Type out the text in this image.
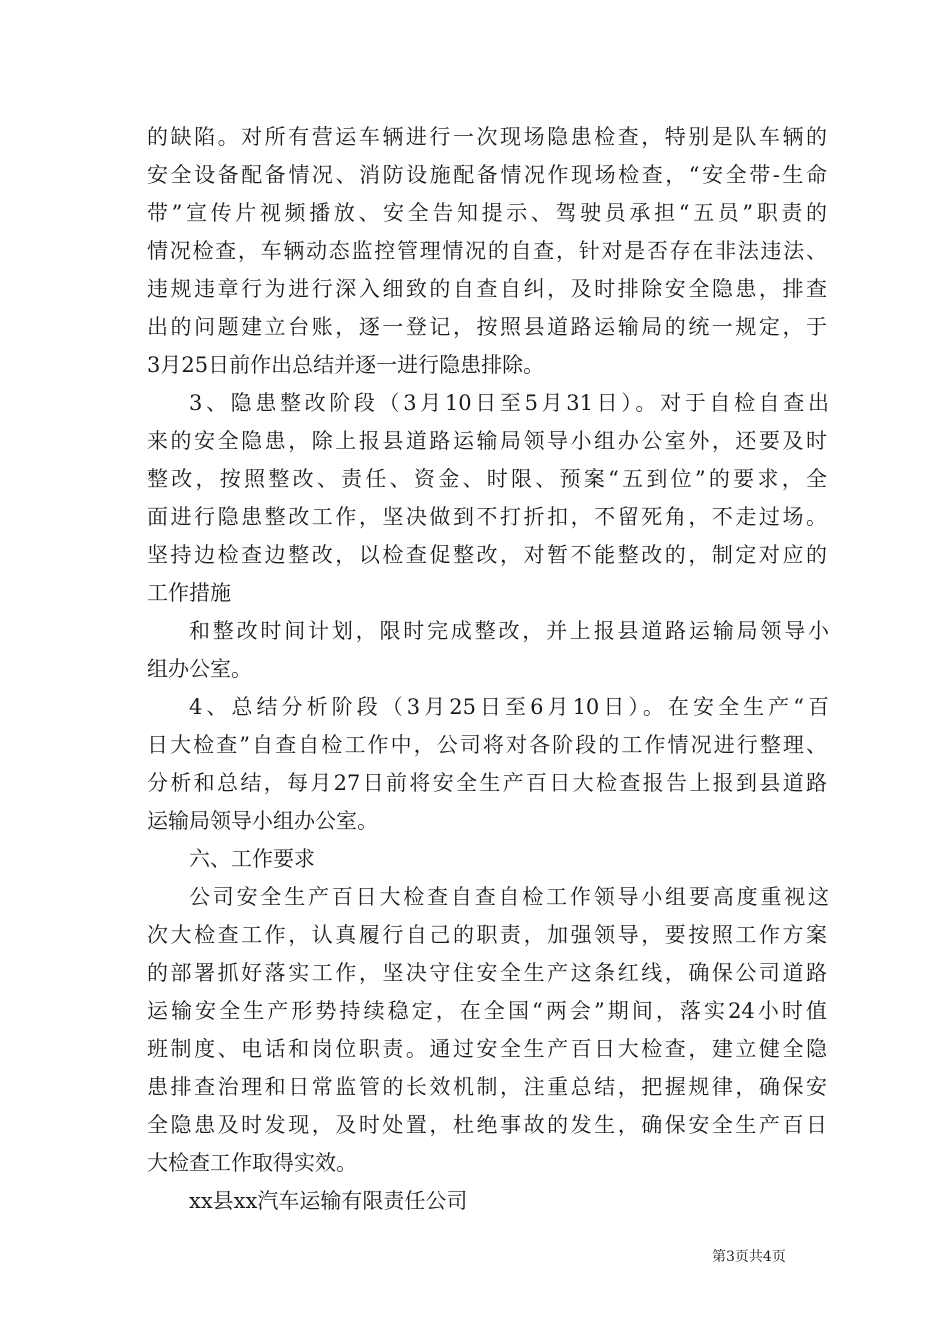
的缺陷。对所有营运车辆进行一次现场隐患检查，特别是队车辆的
安全设备配备情况、消防设施配备情况作现场检查，“安全带-生命
带”宣传片视频播放、安全告知提示、驾驶员承担“五员”职责的
情况检查，车辆动态监控管理情况的自查，针对是否存在非法违法、
违规违章行为进行深入细致的自查自纠，及时排除安全隐患，排查
出的问题建立台账，逐一登记，按照县道路运输局的统一规定，于
3月25日前作出总结并逐一进行隐患排除。
3、隐患整改阶段（3月10日至5月31日）。对于自检自查出
来的安全隐患，除上报县道路运输局领导小组办公室外，还要及时
整改，按照整改、责任、资金、时限、预案“五到位”的要求，全
面进行隐患整改工作，坚决做到不打折扣，不留死角，不走过场。
坚持边检查边整改，以检查促整改，对暂不能整改的，制定对应的
工作措施
和整改时间计划，限时完成整改，并上报县道路运输局领导小
组办公室。
4、总结分析阶段（3月25日至6月10日）。在安全生产“百
日大检查”自查自检工作中，公司将对各阶段的工作情况进行整理、
分析和总结，每月27日前将安全生产百日大检查报告上报到县道路
运输局领导小组办公室。
六、工作要求
公司安全生产百日大检查自查自检工作领导小组要高度重视这
次大检查工作，认真履行自己的职责，加强领导，要按照工作方案
的部署抓好落实工作，坚决守住安全生产这条红线，确保公司道路
运输安全生产形势持续稳定，在全国“两会”期间，落实24小时值
班制度、电话和岗位职责。通过安全生产百日大检查，建立健全隐
患排查治理和日常监管的长效机制，注重总结，把握规律，确保安
全隐患及时发现，及时处置，杜绝事故的发生，确保安全生产百日
大检查工作取得实效。
xx县xx汽车运输有限责任公司
第3页共4页
